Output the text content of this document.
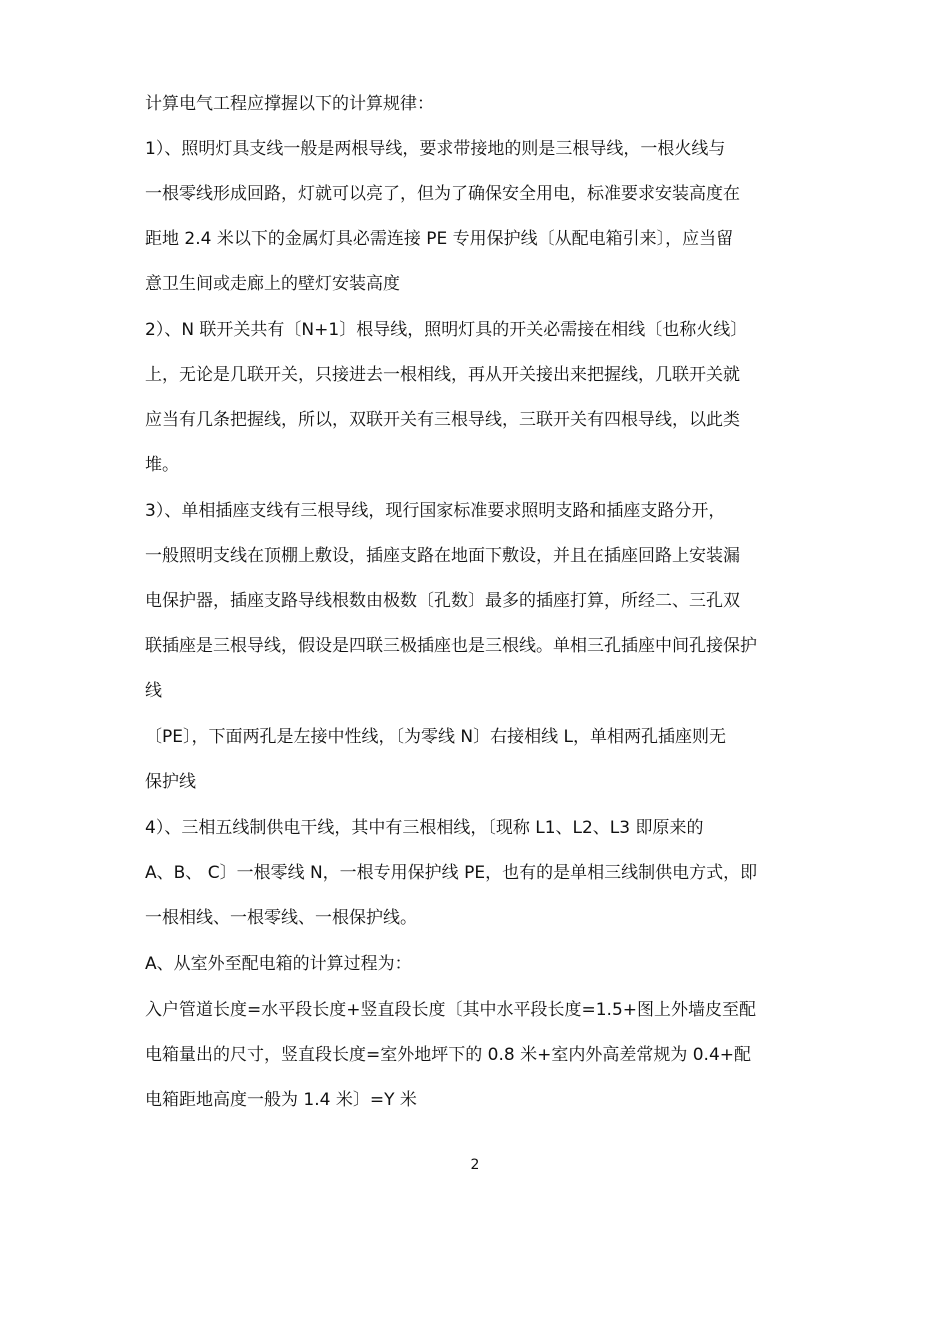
计算电气工程应撑握以下的计算规律：
1）、照明灯具支线一般是两根导线，要求带接地的则是三根导线，一根火线与
一根零线形成回路，灯就可以亮了，但为了确保安全用电，标准要求安装高度在
距地 2.4 米以下的金属灯具必需连接 PE 专用保护线〔从配电箱引来〕，应当留
意卫生间或走廊上的壁灯安装高度
2）、N 联开关共有〔N+1〕根导线，照明灯具的开关必需接在相线〔也称火线〕
上，无论是几联开关，只接进去一根相线，再从开关接出来把握线，几联开关就
应当有几条把握线，所以，双联开关有三根导线，三联开关有四根导线，以此类
堆。
3）、单相插座支线有三根导线，现行国家标准要求照明支路和插座支路分开，
一般照明支线在顶棚上敷设，插座支路在地面下敷设，并且在插座回路上安装漏
电保护器，插座支路导线根数由极数〔孔数〕最多的插座打算，所经二、三孔双
联插座是三根导线，假设是四联三极插座也是三根线。单相三孔插座中间孔接保护
线
〔PE〕，下面两孔是左接中性线，〔为零线 N〕右接相线 L，单相两孔插座则无
保护线
4）、三相五线制供电干线，其中有三根相线，〔现称 L1、L2、L3 即原来的
A、B、 C〕一根零线 N，一根专用保护线 PE，也有的是单相三线制供电方式，即
一根相线、一根零线、一根保护线。
A、从室外至配电箱的计算过程为：
入户管道长度=水平段长度+竖直段长度〔其中水平段长度=1.5+图上外墙皮至配
电箱量出的尺寸，竖直段长度=室外地坪下的 0.8 米+室内外高差常规为 0.4+配
电箱距地高度一般为 1.4 米〕=Y 米
2
